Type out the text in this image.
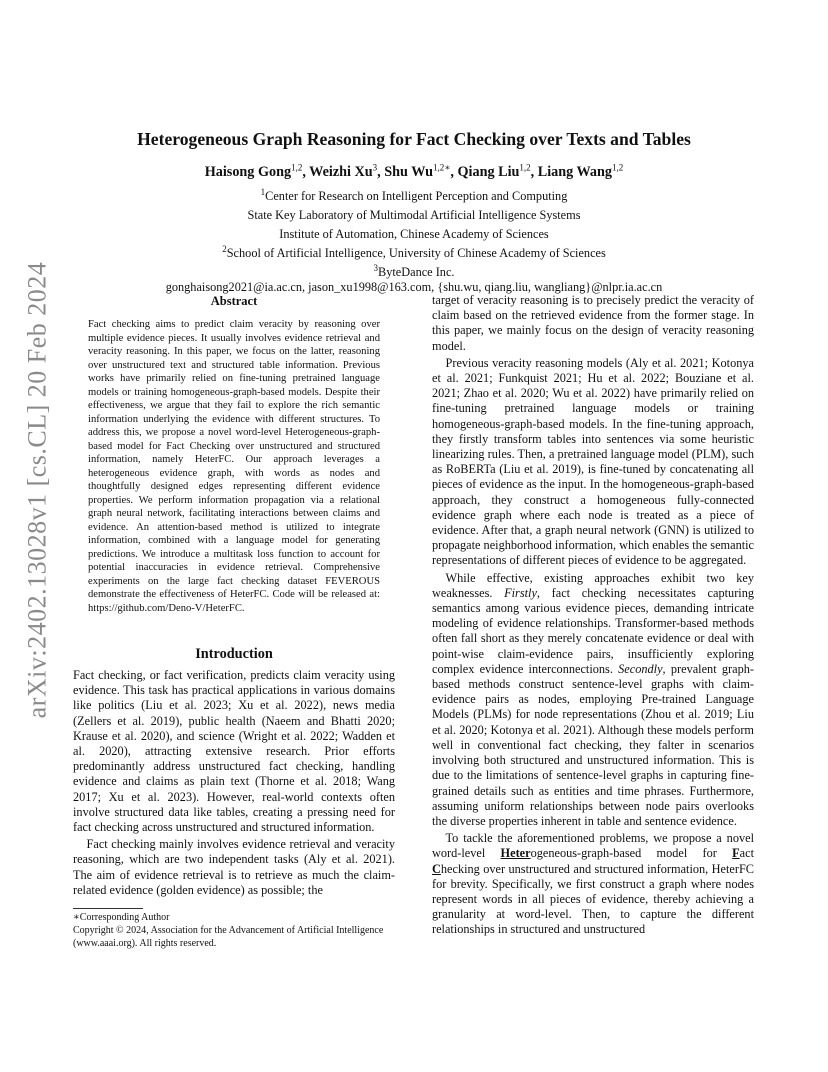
arXiv:2402.13028v1 [cs.CL] 20 Feb 2024
Heterogeneous Graph Reasoning for Fact Checking over Texts and Tables
Haisong Gong$^{1,2}$, Weizhi Xu$^3$, Shu $Wu^{1,2∗}$, Qiang Liu$^{1,2}$, Liang Wang$^{1,2}$
$^1$Center for Research on Intelligent Perception and Computing
State Key Laboratory of Multimodal Artificial Intelligence Systems
Institute of Automation, Chinese Academy of Sciences
$^2$School of Artificial Intelligence, University of Chinese Academy of Sciences
$^3$ByteDance Inc.
gonghaisong2021@ia.ac.cn, jason_xu1998@163.com, {shu.wu, qiang.liu, wangliang}@nlpr.ia.ac.cn
Abstract
Fact checking aims to predict claim veracity by reasoning over multiple evidence pieces. It usually involves evidence retrieval and veracity reasoning. In this paper, we focus on the latter, reasoning over unstructured text and structured table information. Previous works have primarily relied on fine-tuning pretrained language models or training homogeneous-graph-based models. Despite their effectiveness, we argue that they fail to explore the rich semantic information underlying the evidence with different structures. To address this, we propose a novel word-level Heterogeneous-graph-based model for Fact Checking over unstructured and structured information, namely HeterFC. Our approach leverages a heterogeneous evidence graph, with words as nodes and thoughtfully designed edges representing different evidence properties. We perform information propagation via a relational graph neural network, facilitating interactions between claims and evidence. An attention-based method is utilized to integrate information, combined with a language model for generating predictions. We introduce a multitask loss function to account for potential inaccuracies in evidence retrieval. Comprehensive experiments on the large fact checking dataset FEVEROUS demonstrate the effectiveness of HeterFC. Code will be released at: https://github.com/Deno-V/HeterFC.
Introduction

Fact checking, or fact verification, predicts claim veracity using evidence. This task has practical applications in various domains like politics (Liu et al. 2023; Xu et al. 2022), news media (Zellers et al. 2019), public health (Naeem and Bhatti 2020; Krause et al. 2020), and science (Wright et al. 2022; Wadden et al. 2020), attracting extensive research. Prior efforts predominantly address unstructured fact checking, handling evidence and claims as plain text (Thorne et al. 2018; Wang 2017; Xu et al. 2023). However, real-world contexts often involve structured data like tables, creating a pressing need for fact checking across unstructured and structured information.

Fact checking mainly involves evidence retrieval and veracity reasoning, which are two independent tasks (Aly et al. 2021). The aim of evidence retrieval is to retrieve as much the claim-related evidence (golden evidence) as possible; the

∗Corresponding Author

Copyright © 2024, Association for the Advancement of Artificial Intelligence (www.aaai.org). All rights reserved.

target of veracity reasoning is to precisely predict the veracity of claim based on the retrieved evidence from the former stage. In this paper, we mainly focus on the design of veracity reasoning model.

Previous veracity reasoning models (Aly et al. 2021; Kotonya et al. 2021; Funkquist 2021; Hu et al. 2022; Bouziane et al. 2021; Zhao et al. 2020; Wu et al. 2022) have primarily relied on fine-tuning pretrained language models or training homogeneous-graph-based models. In the fine-tuning approach, they firstly transform tables into sentences via some heuristic linearizing rules. Then, a pretrained language model (PLM), such as RoBERTa (Liu et al. 2019), is fine-tuned by concatenating all pieces of evidence as the input. In the homogeneous-graph-based approach, they construct a homogeneous fully-connected evidence graph where each node is treated as a piece of evidence. After that, a graph neural network (GNN) is utilized to propagate neighborhood information, which enables the semantic representations of different pieces of evidence to be aggregated.

While effective, existing approaches exhibit two key weaknesses. Firstly, fact checking necessitates capturing semantics among various evidence pieces, demanding intricate modeling of evidence relationships. Transformer-based methods often fall short as they merely concatenate evidence or deal with point-wise claim-evidence pairs, insufficiently exploring complex evidence interconnections. Secondly, prevalent graph-based methods construct sentence-level graphs with claim-evidence pairs as nodes, employing Pre-trained Language Models (PLMs) for node representations (Zhou et al. 2019; Liu et al. 2020; Kotonya et al. 2021). Although these models perform well in conventional fact checking, they falter in scenarios involving both structured and unstructured information. This is due to the limitations of sentence-level graphs in capturing fine-grained details such as entities and time phrases. Furthermore, assuming uniform relationships between node pairs overlooks the diverse properties inherent in table and sentence evidence.

To tackle the aforementioned problems, we propose a novel word-level Heterogeneous-graph-based model for Fact Checking over unstructured and structured information, HeterFC for brevity. Specifically, we first construct a graph where nodes represent words in all pieces of evidence, thereby achieving a granularity at word-level. Then, to capture the different relationships in structured and unstructured
